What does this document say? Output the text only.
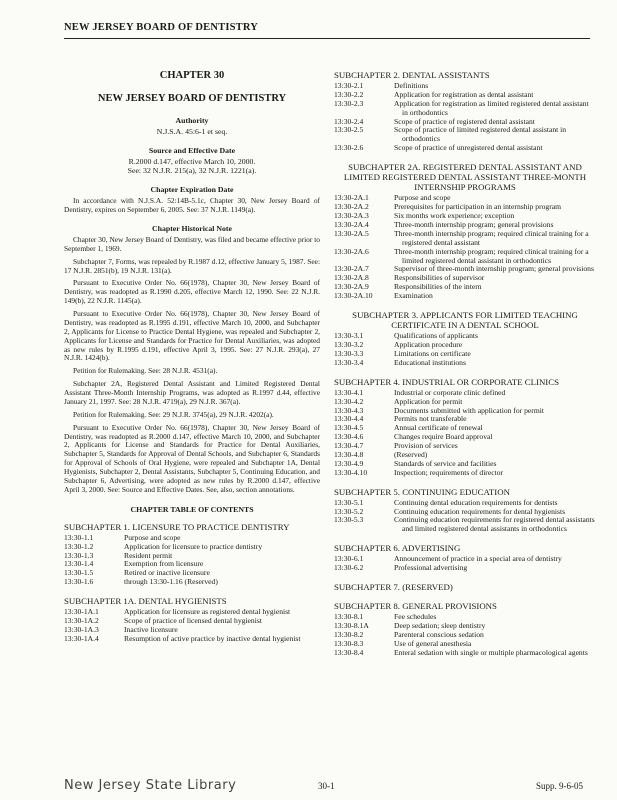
NEW JERSEY BOARD OF DENTISTRY
CHAPTER 30
NEW JERSEY BOARD OF DENTISTRY
Authority
N.J.S.A. 45:6-1 et seq.
Source and Effective Date
R.2000 d.147, effective March 10, 2000.
See: 32 N.J.R. 215(a), 32 N.J.R. 1221(a).
Chapter Expiration Date

In accordance with N.J.S.A. 52:14B-5.1c, Chapter 30, New Jersey Board of Dentistry, expires on September 6, 2005. See: 37 N.J.R. 1149(a).

Chapter Historical Note

Chapter 30, New Jersey Board of Dentistry, was filed and became effective prior to September 1, 1969.

Subchapter 7, Forms, was repealed by R.1987 d.12, effective January 5, 1987. See: 17 N.J.R. 2851(b), 19 N.J.R. 131(a).

Pursuant to Executive Order No. 66(1978), Chapter 30, New Jersey Board of Dentistry, was readopted as R.1990 d.205, effective March 12, 1990. See: 22 N.J.R. 149(b), 22 N.J.R. 1145(a).

Pursuant to Executive Order No. 66(1978), Chapter 30, New Jersey Board of Dentistry, was readopted as R.1995 d.191, effective March 10, 2000, and Subchapter 2, Applicants for License to Practice Dental Hygiene, was repealed and Subchapter 2, Applicants for License and Standards for Practice for Dental Auxiliaries, was adopted as new rules by R.1995 d.191, effective April 3, 1995. See: 27 N.J.R. 293(a), 27 N.J.R. 1424(b).

Petition for Rulemaking. See: 28 N.J.R. 4531(a).

Subchapter 2A, Registered Dental Assistant and Limited Registered Dental Assistant Three-Month Internship Programs, was adopted as R.1997 d.44, effective January 21, 1997. See: 28 N.J.R. 4719(a), 29 N.J.R. 367(a).

Petition for Rulemaking. See: 29 N.J.R. 3745(a), 29 N.J.R. 4202(a).

Pursuant to Executive Order No. 66(1978), Chapter 30, New Jersey Board of Dentistry, was readopted as R.2000 d.147, effective March 10, 2000, and Subchapter 2, Applicants for License and Standards for Practice for Dental Auxiliaries, Subchapter 5, Standards for Approval of Dental Schools, and Subchapter 6, Standards for Approval of Schools of Oral Hygiene, were repealed and Subchapter 1A, Dental Hygienists, Subchapter 2, Dental Assistants, Subchapter 5, Continuing Education, and Subchapter 6, Advertising, were adopted as new rules by R.2000 d.147, effective April 3, 2000. See: Source and Effective Dates. See, also, section annotations.

CHAPTER TABLE OF CONTENTS
SUBCHAPTER 1. LICENSURE TO PRACTICE DENTISTRY
13:30-1.1	Purpose and scope
13:30-1.2	Application for licensure to practice dentistry
13:30-1.3	Resident permit
13:30-1.4	Exemption from licensure
13:30-1.5	Retired or inactive licensure
13:30-1.6	through 13:30-1.16 (Reserved)
SUBCHAPTER 1A. DENTAL HYGIENISTS
13:30-1A.1	Application for licensure as registered dental hygienist
13:30-1A.2	Scope of practice of licensed dental hygienist
13:30-1A.3	Inactive licensure
13:30-1A.4	Resumption of active practice by inactive dental hygienist
SUBCHAPTER 2. DENTAL ASSISTANTS
13:30-2.1	Definitions
13:30-2.2	Application for registration as dental assistant
13:30-2.3	Application for registration as limited registered dental assistant in orthodontics
13:30-2.4	Scope of practice of registered dental assistant
13:30-2.5	Scope of practice of limited registered dental assistant in orthodontics
13:30-2.6	Scope of practice of unregistered dental assistant
SUBCHAPTER 2A. REGISTERED DENTAL ASSISTANT AND LIMITED REGISTERED DENTAL ASSISTANT THREE-MONTH INTERNSHIP PROGRAMS
13:30-2A.1	Purpose and scope
13:30-2A.2	Prerequisites for participation in an internship program
13:30-2A.3	Six months work experience; exception
13:30-2A.4	Three-month internship program; general provisions
13:30-2A.5	Three-month internship program; required clinical training for a registered dental assistant
13:30-2A.6	Three-month internship program; required clinical training for a limited registered dental assistant in orthodontics
13:30-2A.7	Supervisor of three-month internship program; general provisions
13:30-2A.8	Responsibilities of supervisor
13:30-2A.9	Responsibilities of the intern
13:30-2A.10	Examination
SUBCHAPTER 3. APPLICANTS FOR LIMITED TEACHING CERTIFICATE IN A DENTAL SCHOOL
13:30-3.1	Qualifications of applicants
13:30-3.2	Application procedure
13:30-3.3	Limitations on certificate
13:30-3.4	Educational institutions
SUBCHAPTER 4. INDUSTRIAL OR CORPORATE CLINICS
13:30-4.1	Industrial or corporate clinic defined
13:30-4.2	Application for permit
13:30-4.3	Documents submitted with application for permit
13:30-4.4	Permits not transferable
13:30-4.5	Annual certificate of renewal
13:30-4.6	Changes require Board approval
13:30-4.7	Provision of services
13:30-4.8	(Reserved)
13:30-4.9	Standards of service and facilities
13:30-4.10	Inspection; requirements of director
SUBCHAPTER 5. CONTINUING EDUCATION
13:30-5.1	Continuing dental education requirements for dentists
13:30-5.2	Continuing education requirements for dental hygienists
13:30-5.3	Continuing education requirements for registered dental assistants and limited registered dental assistants in orthodontics
SUBCHAPTER 6. ADVERTISING
13:30-6.1	Announcement of practice in a special area of dentistry
13:30-6.2	Professional advertising
SUBCHAPTER 7. (RESERVED)
SUBCHAPTER 8. GENERAL PROVISIONS
13:30-8.1	Fee schedules
13:30-8.1A	Deep sedation; sleep dentistry
13:30-8.2	Parenteral conscious sedation
13:30-8.3	Use of general anesthesia
13:30-8.4	Enteral sedation with single or multiple pharmacological agents
New Jersey State Library	30-1	Supp. 9-6-05
